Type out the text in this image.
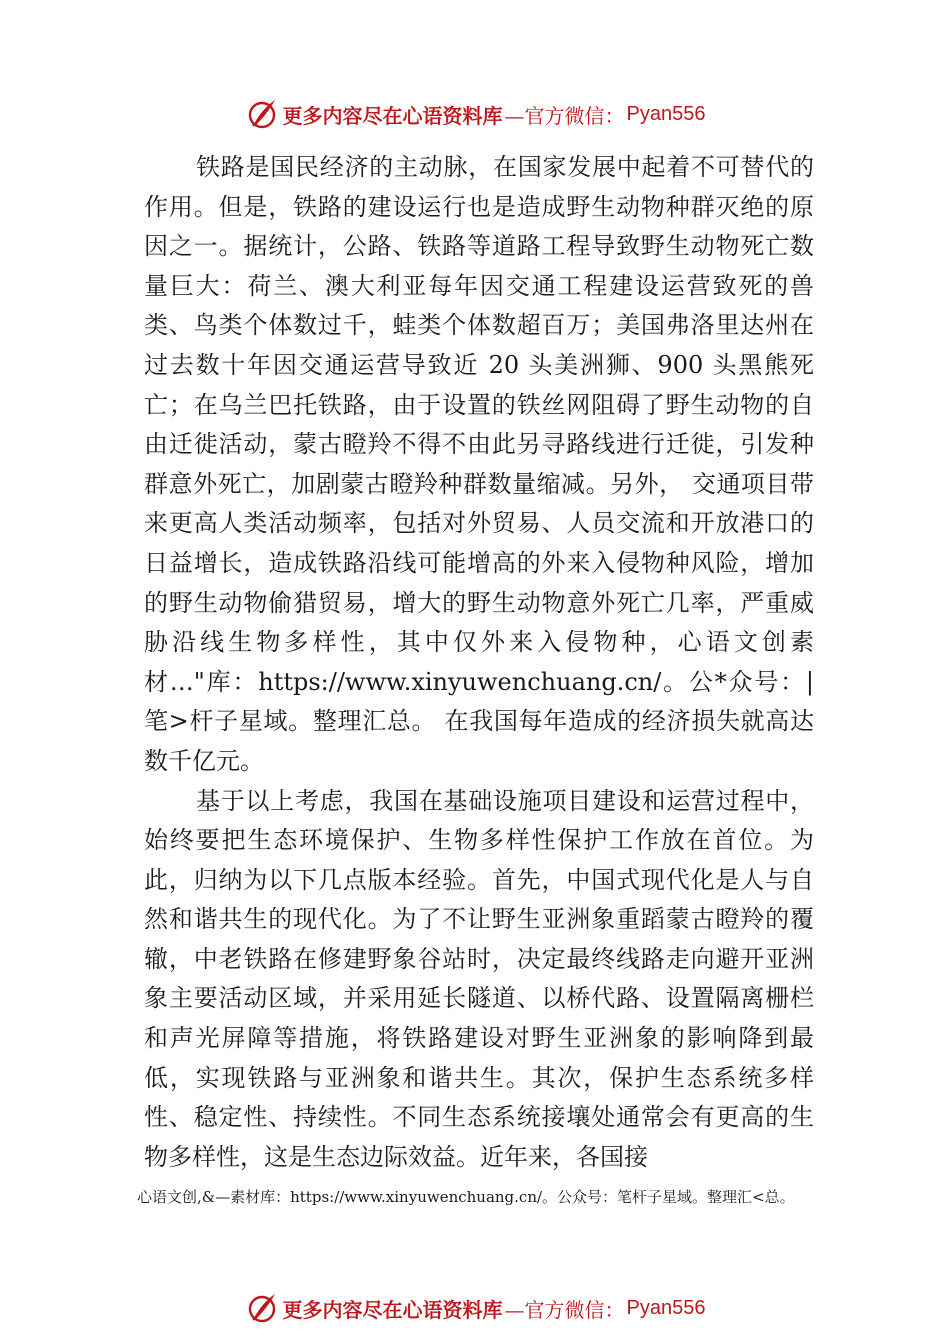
更多内容尽在心语资料库 —官方微信： Pyan556

铁路是国民经济的主动脉，在国家发展中起着不可替代的作用。但是，铁路的建设运行也是造成野生动物种群灭绝的原因之一。据统计，公路、铁路等道路工程导致野生动物死亡数量巨大：荷兰、澳大利亚每年因交通工程建设运营致死的兽类、鸟类个体数过千，蛙类个体数超百万；美国弗洛里达州在过去数十年因交通运营导致近 20 头美洲狮、900 头黑熊死亡；在乌兰巴托铁路，由于设置的铁丝网阻碍了野生动物的自由迁徙活动，蒙古瞪羚不得不由此另寻路线进行迁徙，引发种群意外死亡，加剧蒙古瞪羚种群数量缩减。另外， 交通项目带来更高人类活动频率，包括对外贸易、人员交流和开放港口的日益增长，造成铁路沿线可能增高的外来入侵物种风险，增加的野生动物偷猎贸易，增大的野生动物意外死亡几率，严重威胁沿线生物多样性，其中仅外来入侵物种，心语文创素材…"库：https://www.xinyuwenchuang.cn/。公*众号：|笔>杆子星域。整理汇总。 在我国每年造成的经济损失就高达数千亿元。

基于以上考虑，我国在基础设施项目建设和运营过程中，始终要把生态环境保护、生物多样性保护工作放在首位。为此，归纳为以下几点版本经验。首先，中国式现代化是人与自然和谐共生的现代化。为了不让野生亚洲象重蹈蒙古瞪羚的覆辙，中老铁路在修建野象谷站时，决定最终线路走向避开亚洲象主要活动区域，并采用延长隧道、以桥代路、设置隔离栅栏和声光屏障等措施，将铁路建设对野生亚洲象的影响降到最低，实现铁路与亚洲象和谐共生。其次，保护生态系统多样性、稳定性、持续性。不同生态系统接壤处通常会有更高的生物多样性，这是生态边际效益。近年来，各国接

心语文创,&—素材库：https://www.xinyuwenchuang.cn/。公众号：笔杆子星域。整理汇<总。
更多内容尽在心语资料库 —官方微信： Pyan556
